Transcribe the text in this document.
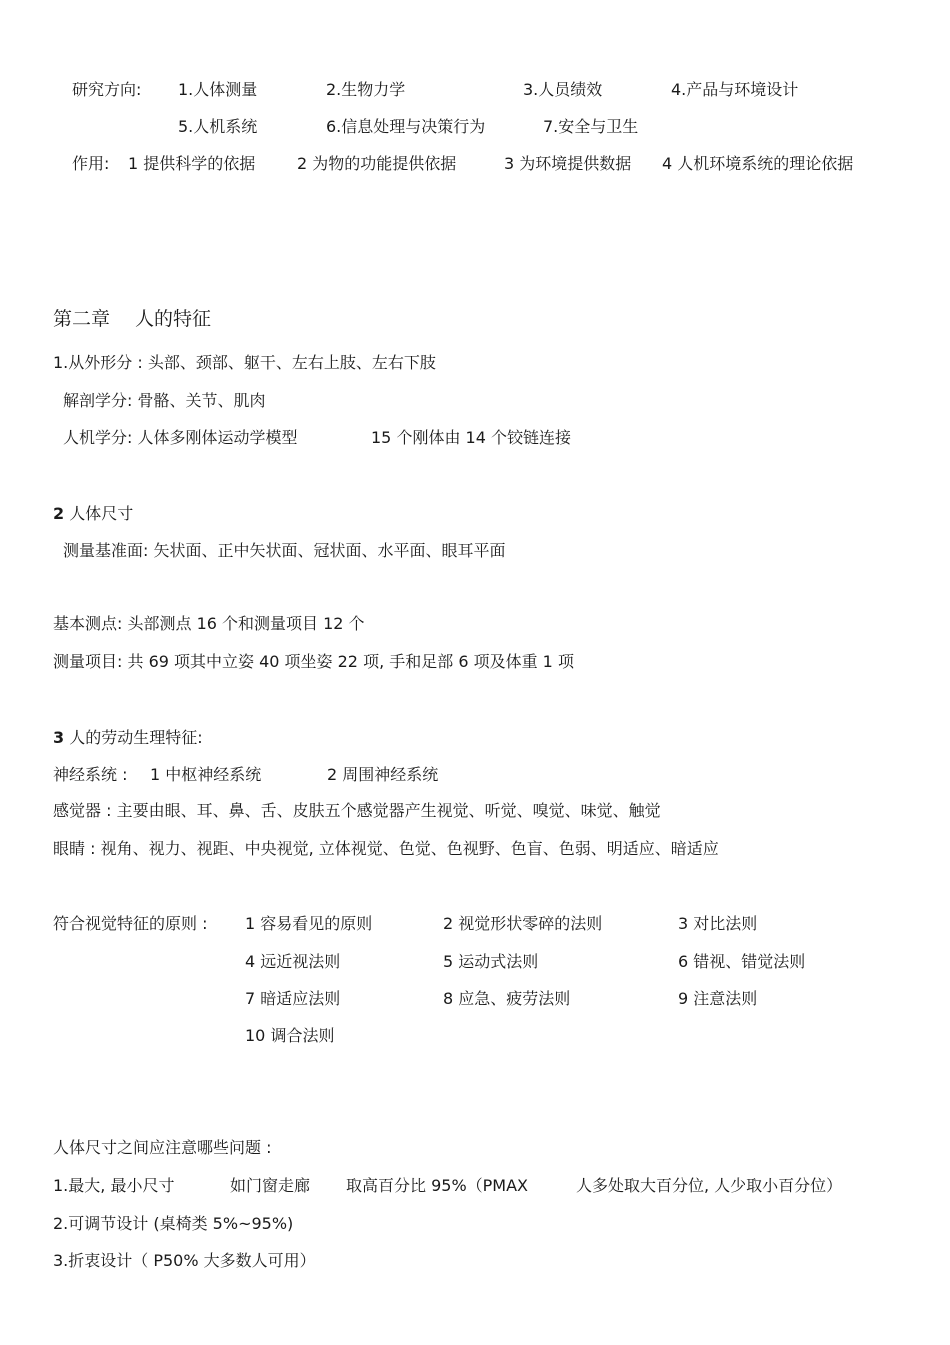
研究方向: 1.人体测量	2.生物力学	3.人员绩效	4.产品与环境设计
5.人机系统	6.信息处理与决策行为	7.安全与卫生
作用: 1 提供科学的依据	2 为物的功能提供依据	3 为环境提供数据 4 人机环境系统的理论依据
第二章　 人的特征
1.从外形分 : 头部、颈部、躯干、左右上肢、左右下肢
解剖学分: 骨骼、关节、肌肉
人机学分: 人体多刚体运动学模型	15 个刚体由 14 个铰链连接
2 人体尺寸
测量基准面: 矢状面、正中矢状面、冠状面、水平面、眼耳平面
基本测点: 头部测点 16 个和测量项目 12 个
测量项目: 共 69 项其中立姿 40 项坐姿 22 项, 手和足部 6 项及体重 1 项
3 人的劳动生理特征:
神经系统 : 1 中枢神经系统	2 周围神经系统
感觉器 : 主要由眼、耳、鼻、舌、皮肤五个感觉器产生视觉、听觉、嗅觉、味觉、触觉
眼睛 : 视角、视力、视距、中央视觉, 立体视觉、色觉、色视野、色盲、色弱、明适应、暗适应
符合视觉特征的原则 : 1 容易看见的原则	2 视觉形状零碎的法则	3 对比法则
4 远近视法则	5 运动式法则	6 错视、错觉法则
7 暗适应法则	8 应急、疲劳法则	9 注意法则
10 调合法则
人体尺寸之间应注意哪些问题 :
1.最大, 最小尺寸	如门窗走廊 取高百分比 95%（PMAX	人多处取大百分位, 人少取小百分位）
2.可调节设计 (桌椅类 5%~95%)
3.折衷设计（ P50% 大多数人可用）
